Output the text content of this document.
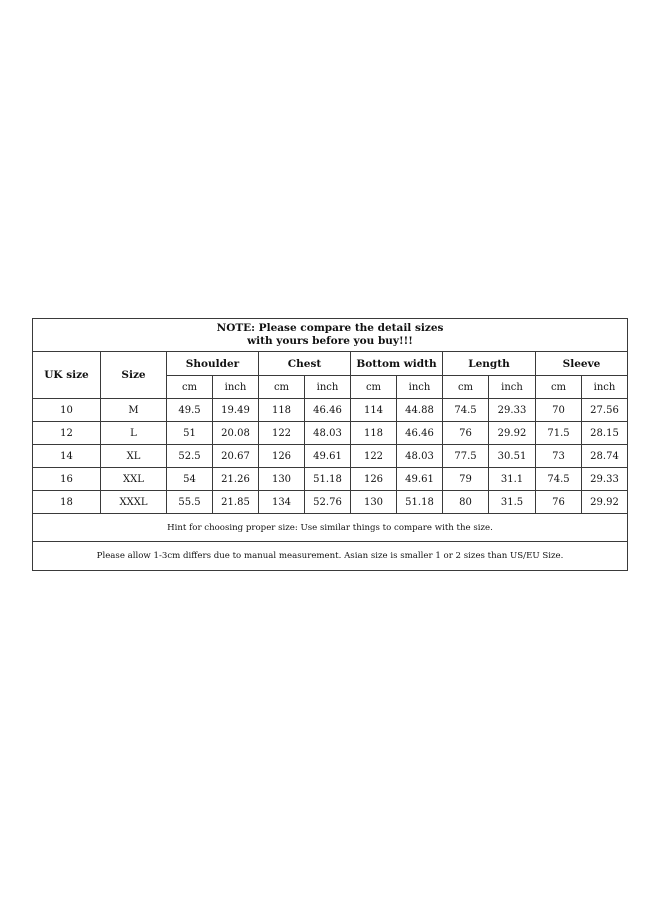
NOTE: Please compare the detail sizes
with yours before you buy!!!											

UK size	Size	Shoulder		Chest		Bottom width		Length		Sleeve	
		cm	inch	cm	inch	cm	inch	cm	inch	cm	inch
10	M	49.5	19.49	118	46.46	114	44.88	74.5	29.33	70	27.56
12	L	51	20.08	122	48.03	118	46.46	76	29.92	71.5	28.15
14	XL	52.5	20.67	126	49.61	122	48.03	77.5	30.51	73	28.74
16	XXL	54	21.26	130	51.18	126	49.61	79	31.1	74.5	29.33
18	XXXL	55.5	21.85	134	52.76	130	51.18	80	31.5	76	29.92
Hint for choosing proper size: Use similar things to compare with the size.											
Please allow 1-3cm differs due to manual measurement. Asian size is smaller 1 or 2 sizes than US/EU Size.											
